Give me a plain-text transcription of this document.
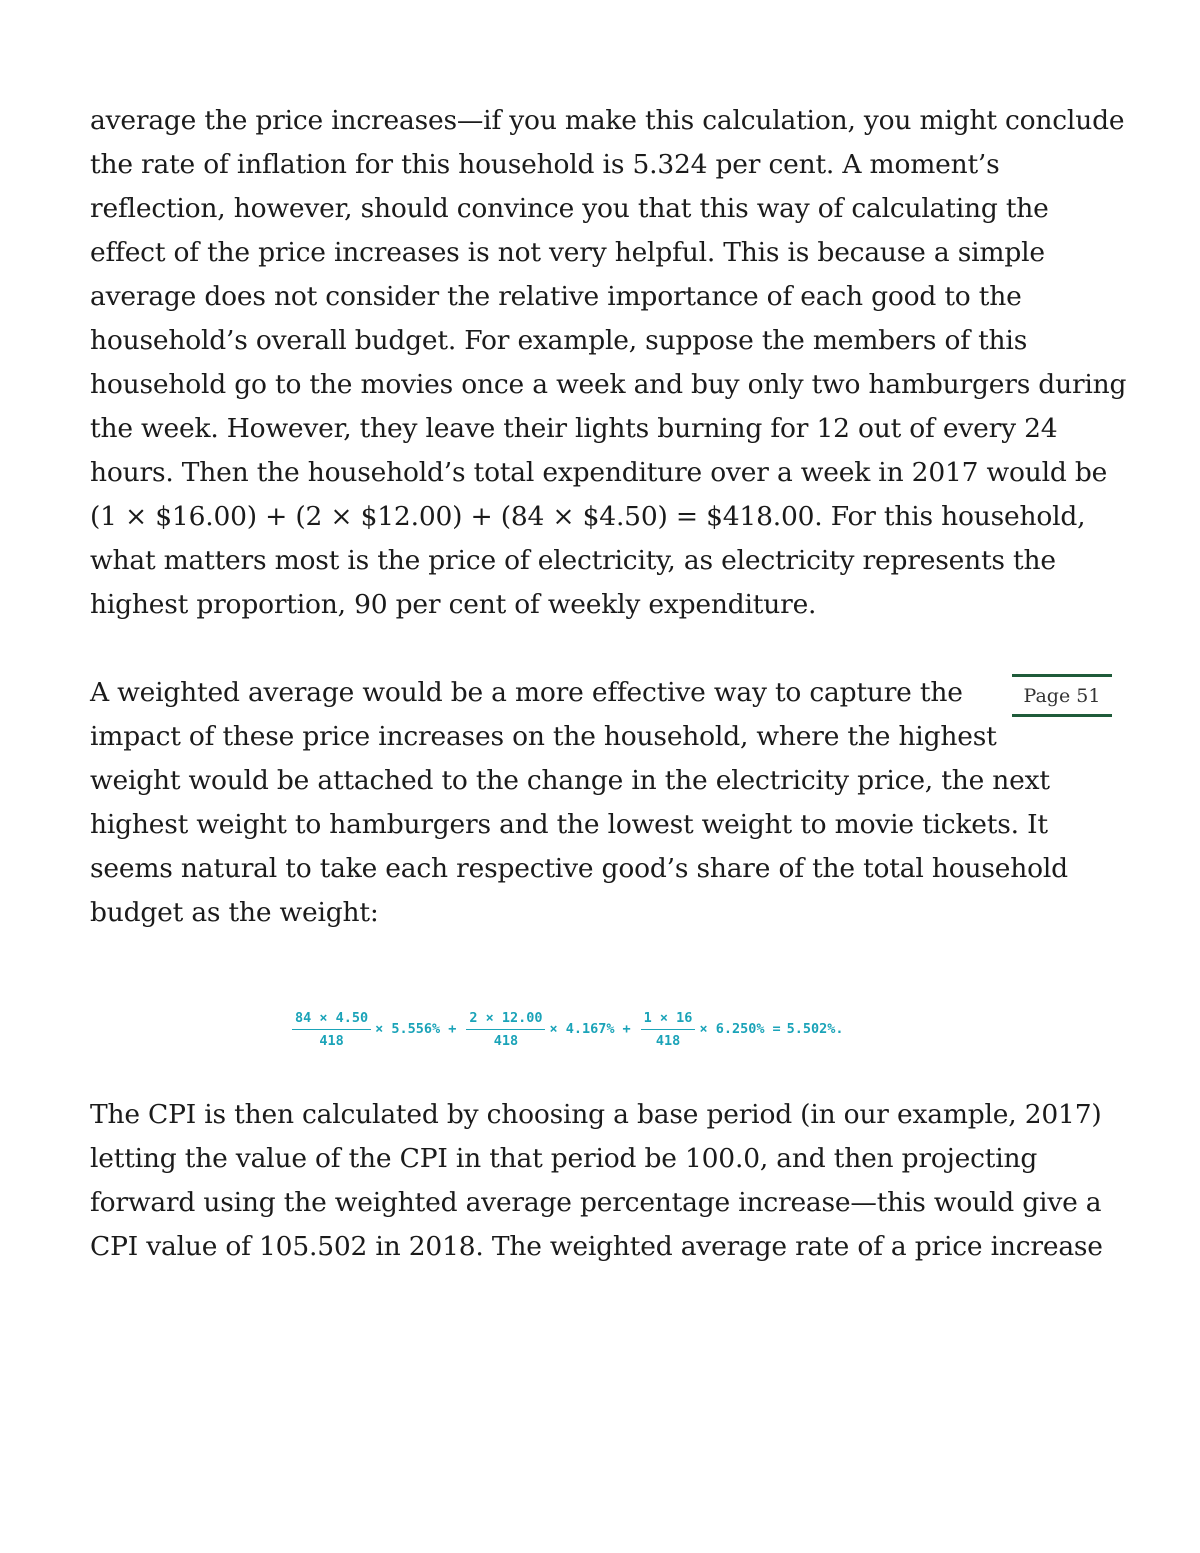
average the price increases—if you make this calculation, you might conclude
the rate of inflation for this household is 5.324 per cent. A moment’s
reflection, however, should convince you that this way of calculating the
effect of the price increases is not very helpful. This is because a simple
average does not consider the relative importance of each good to the
household’s overall budget. For example, suppose the members of this
household go to the movies once a week and buy only two hamburgers during
the week. However, they leave their lights burning for 12 out of every 24
hours. Then the household’s total expenditure over a week in 2017 would be
(1 × $16.00) + (2 × $12.00) + (84 × $4.50) = $418.00. For this household,
what matters most is the price of electricity, as electricity represents the
highest proportion, 90 per cent of weekly expenditure.
Page 51
A weighted average would be a more effective way to capture the
impact of these price increases on the household, where the highest
weight would be attached to the change in the electricity price, the next
highest weight to hamburgers and the lowest weight to movie tickets. It
seems natural to take each respective good’s share of the total household
budget as the weight:
$\frac{84 \times 4.50}{418} \times 5.556\% + \frac{2 \times 12.00}{418} \times 4.167\% + \frac{1 \times 16}{418} \times 6.250\% = 5.502\%$.
The CPI is then calculated by choosing a base period (in our example, 2017)
letting the value of the CPI in that period be 100.0, and then projecting
forward using the weighted average percentage increase—this would give a
CPI value of 105.502 in 2018. The weighted average rate of a price increase
